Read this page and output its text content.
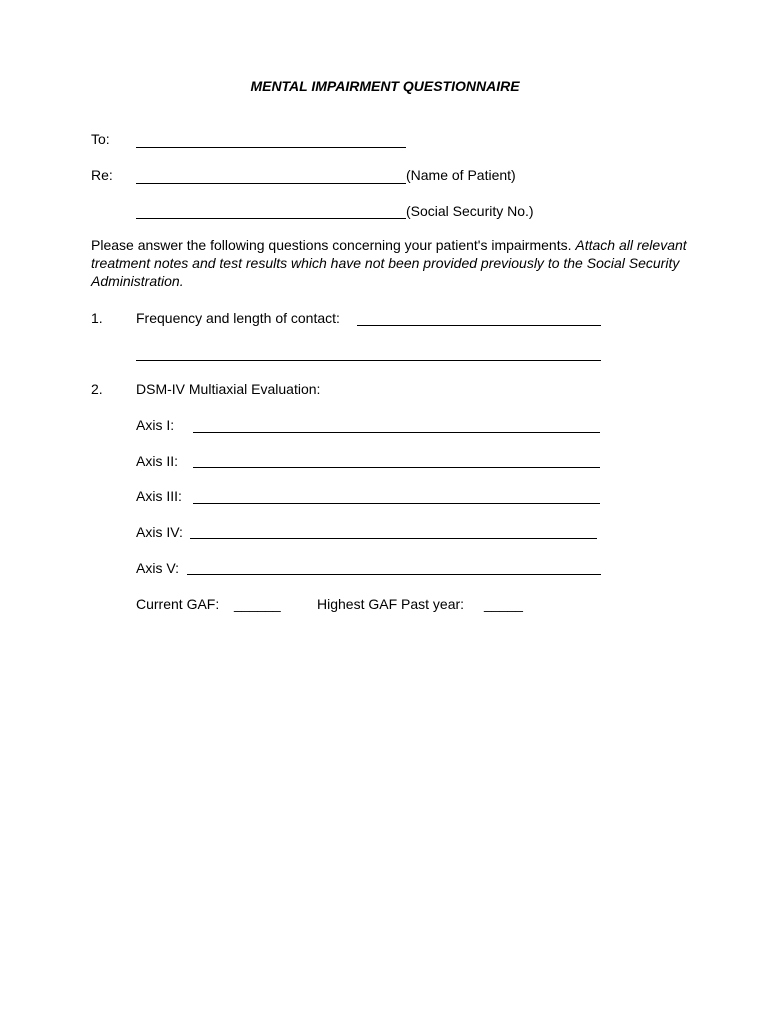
MENTAL IMPAIRMENT QUESTIONNAIRE
To:
Re:	(Name of Patient)
(Social Security No.)
Please answer the following questions concerning your patient's impairments. Attach all relevant treatment notes and test results which have not been provided previously to the Social Security Administration.
1. Frequency and length of contact:
2. DSM-IV Multiaxial Evaluation:
Axis I:
Axis II:
Axis III:
Axis IV:
Axis V:
Current GAF: ______	Highest GAF Past year: _____
